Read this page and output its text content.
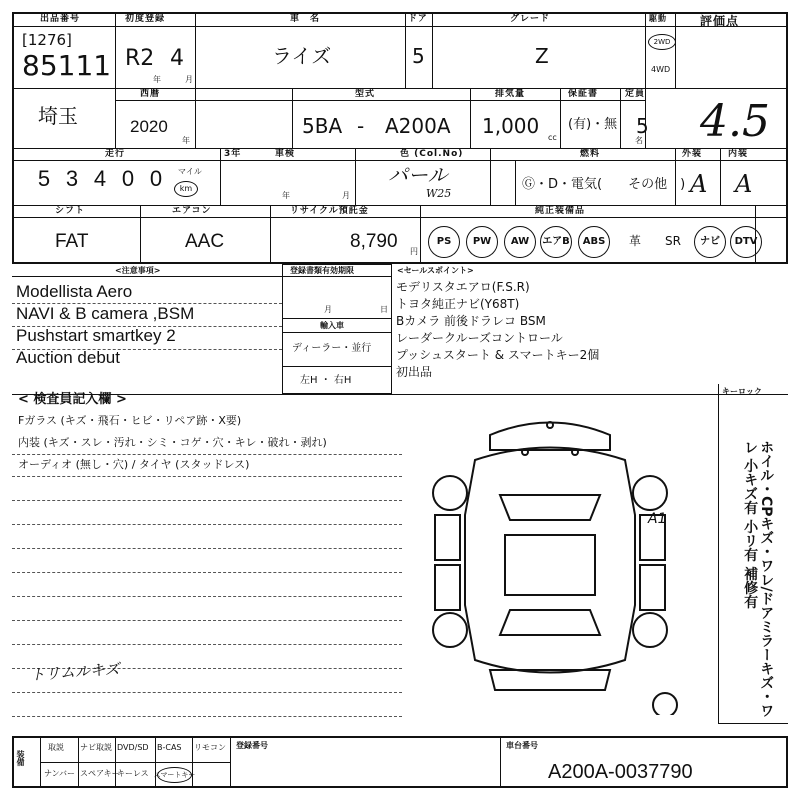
出品番号
[1276]
85111
初度登録
R2 4
年	月
車　名
ライズ
ドア
5
グレード
Z
駆動
2WD
4WD
評価点
4.5
埼玉
西暦
2020
年
型式
5BA - A200A
排気量
1,000 cc
保証書
(有)・無
定員
5
名
走行
5 3 4 0 0	マイル
km
3年	車検
年	月
色 (Col.No)
パール
W25
燃料
Ⓖ・D・電気(　　その他　)
外装
A
内装
A
シフト
FAT
エアコン
AAC
リサイクル預託金
8,790 円
純正装備品
PS	PW	AW	エアB	ABS	革	SR	ナビ	DTV
<注意事項>	登録書類有効期限	<セールスポイント>
月	日
輸入車
ディーラー・並行
左H ・ 右H
Modellista Aero
NAVI & B camera ,BSM
Pushstart smartkey 2
Auction debut
モデリスタエアロ(F.S.R)
トヨタ純正ナビ(Y68T)
Bカメラ 前後ドラレコ BSM
レーダークルーズコントロール
プッシュスタート & スマートキー2個
初出品
キーロック
< 検査員記入欄 >
Fガラス (キズ・飛石・ヒビ・リペア跡・X要)
内装 (キズ・スレ・汚れ・シミ・コゲ・穴・キレ・破れ・剥れ)
オーディオ (無し・穴) / タイヤ (スタッドレス)
トリムルキズ	ホイル・CPキズ・ワレ/ドアミラーキズ・ワレ 小キズ有 小リ有 補修有
A1
装備
取説 ナビ取説 DVD/SD B-CAS リモコン
ナンバー スペアキー
キーレス スマートキー
登録番号	車台番号
A200A-0037790
